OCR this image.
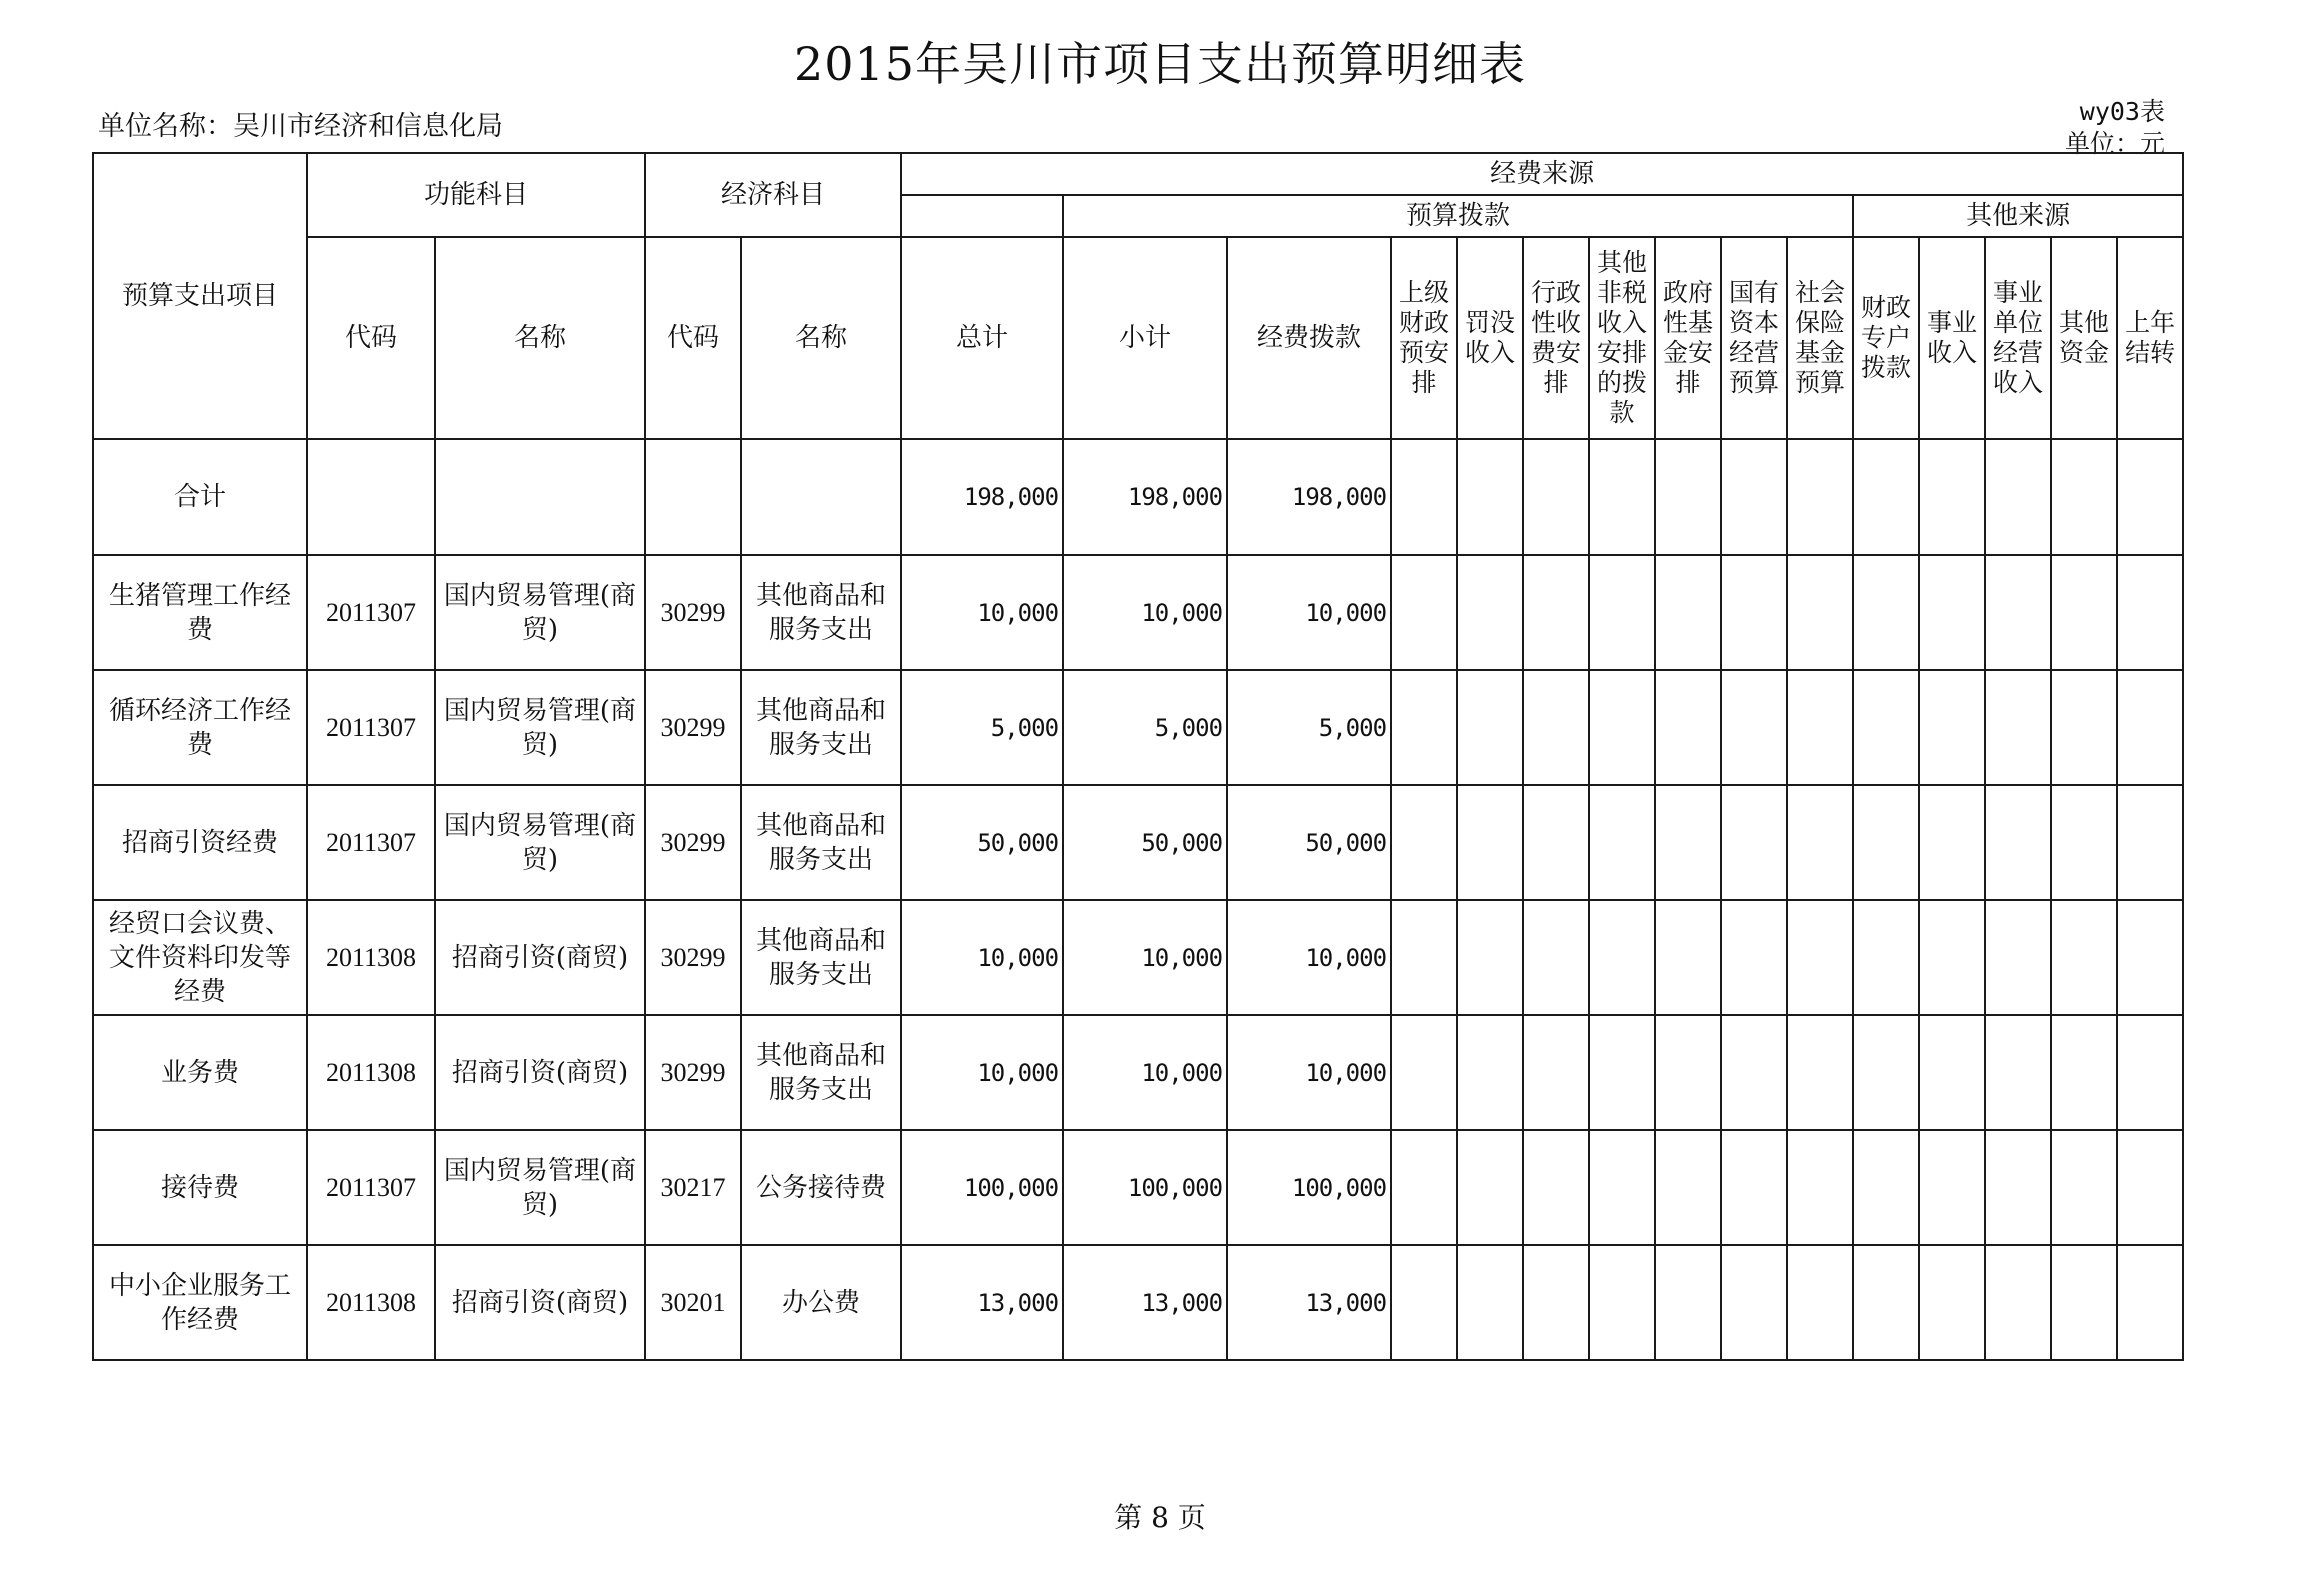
2015年吴川市项目支出预算明细表
单位名称：吴川市经济和信息化局	wy03表
单位：元
预算支出项目	功能科目		经济科目		经费来源														
						预算拨款									其他来源				
	代码	名称	代码	名称	总计	小计	经费拨款	上级财政预安排	罚没收入	行政性收费安排	其他非税收入安排的拨款	政府性基金安排	国有资本经营预算	社会保险基金预算	财政专户拨款	事业收入	事业单位经营收入	其他资金	上年结转
合计					198,000	198,000	198,000												
生猪管理工作经费	2011307	国内贸易管理(商贸)	30299	其他商品和服务支出	10,000	10,000	10,000												
循环经济工作经费	2011307	国内贸易管理(商贸)	30299	其他商品和服务支出	5,000	5,000	5,000												
招商引资经费	2011307	国内贸易管理(商贸)	30299	其他商品和服务支出	50,000	50,000	50,000												
经贸口会议费、文件资料印发等经费	2011308	招商引资(商贸)	30299	其他商品和服务支出	10,000	10,000	10,000												
业务费	2011308	招商引资(商贸)	30299	其他商品和服务支出	10,000	10,000	10,000												
接待费	2011307	国内贸易管理(商贸)	30217	公务接待费	100,000	100,000	100,000												
中小企业服务工作经费	2011308	招商引资(商贸)	30201	办公费	13,000	13,000	13,000												
第 8 页
